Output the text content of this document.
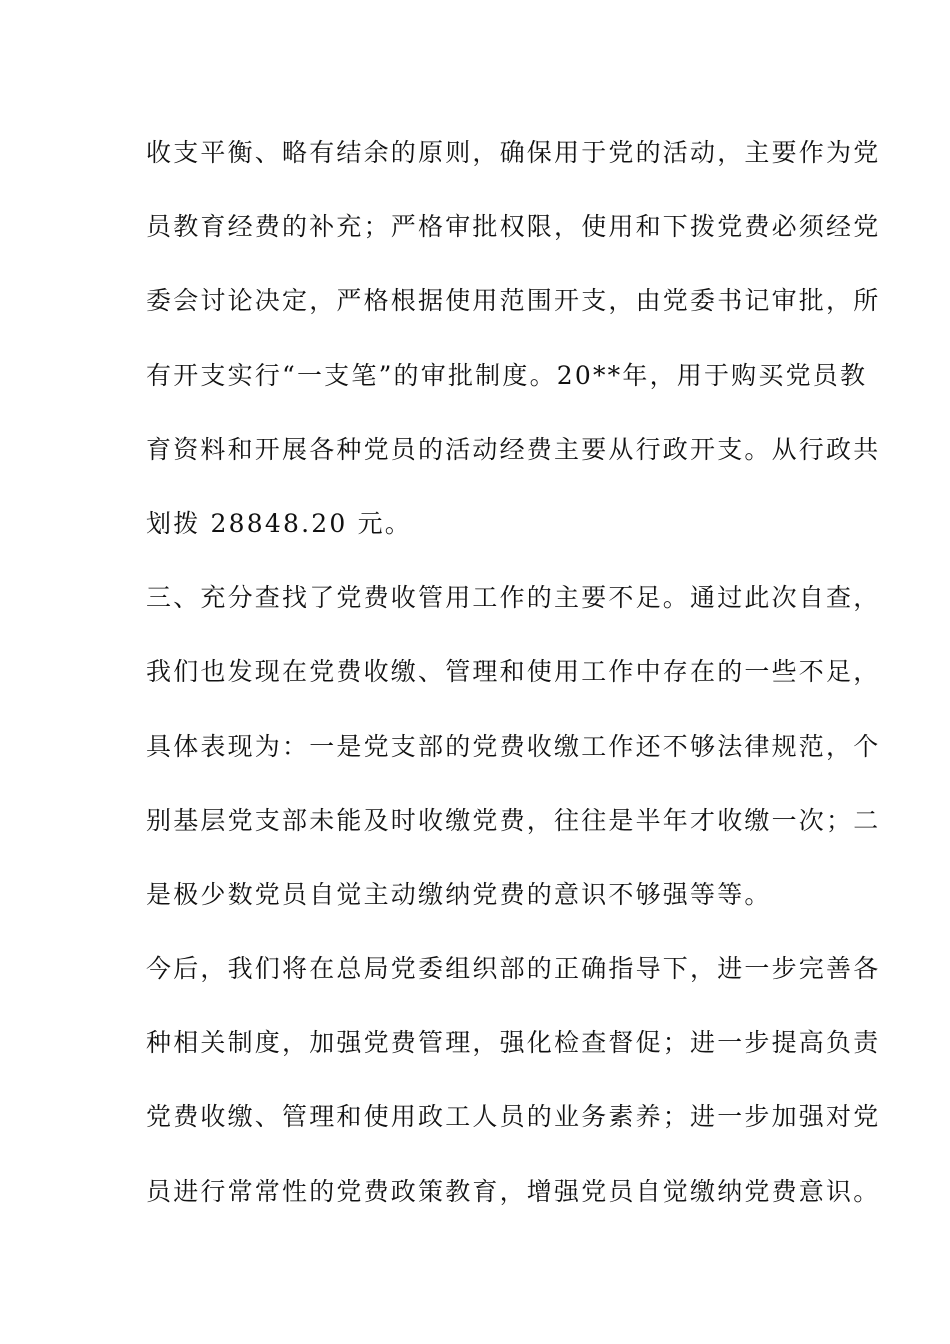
收支平衡、略有结余的原则，确保用于党的活动，主要作为党
员教育经费的补充；严格审批权限，使用和下拨党费必须经党
委会讨论决定，严格根据使用范围开支，由党委书记审批，所
有开支实行“一支笔”的审批制度。20**年，用于购买党员教
育资料和开展各种党员的活动经费主要从行政开支。从行政共
划拨 28848.20 元。
三、充分查找了党费收管用工作的主要不足。通过此次自查，
我们也发现在党费收缴、管理和使用工作中存在的一些不足，
具体表现为：一是党支部的党费收缴工作还不够法律规范，个
别基层党支部未能及时收缴党费，往往是半年才收缴一次；二
是极少数党员自觉主动缴纳党费的意识不够强等等。
今后，我们将在总局党委组织部的正确指导下，进一步完善各
种相关制度，加强党费管理，强化检查督促；进一步提高负责
党费收缴、管理和使用政工人员的业务素养；进一步加强对党
员进行常常性的党费政策教育，增强党员自觉缴纳党费意识。
